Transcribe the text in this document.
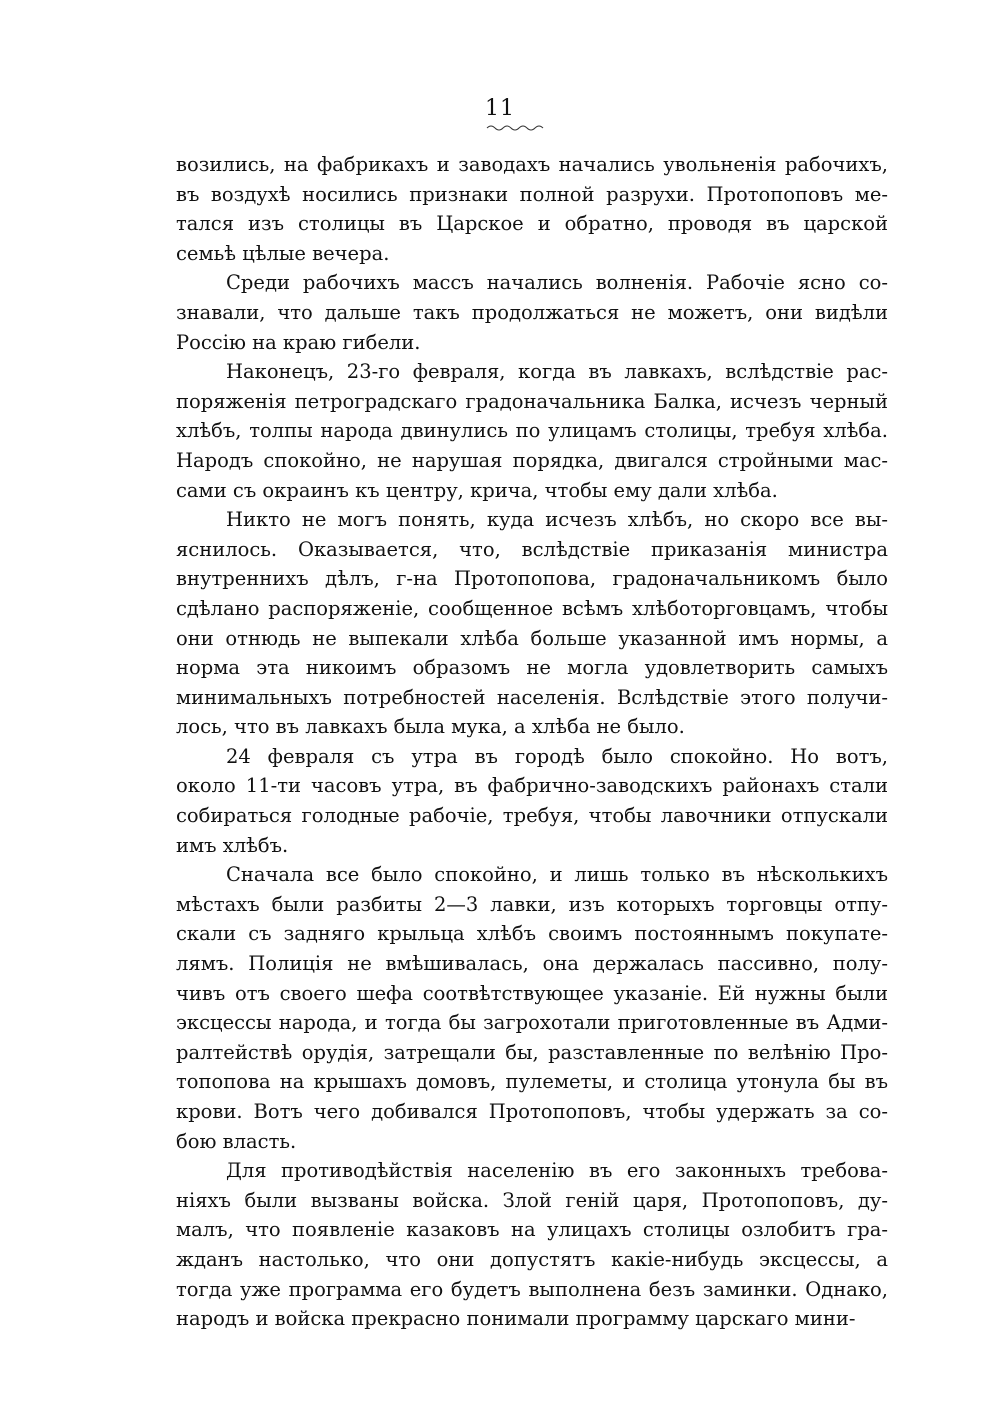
11
возились, на фабрикахъ и заводахъ начались увольненія рабочихъ,
въ воздухѣ носились признаки полной разрухи. Протопоповъ ме-
тался изъ столицы въ Царское и обратно, проводя въ царской
семьѣ цѣлые вечера.
Среди рабочихъ массъ начались волненія. Рабочіе ясно со-
знавали, что дальше такъ продолжаться не можетъ, они видѣли
Россію на краю гибели.
Наконецъ, 23-го февраля, когда въ лавкахъ, вслѣдствіе рас-
поряженія петроградскаго градоначальника Балка, исчезъ черный
хлѣбъ, толпы народа двинулись по улицамъ столицы, требуя хлѣба.
Народъ спокойно, не нарушая порядка, двигался стройными мас-
сами съ окраинъ къ центру, крича, чтобы ему дали хлѣба.
Никто не могъ понять, куда исчезъ хлѣбъ, но скоро все вы-
яснилось. Оказывается, что, вслѣдствіе приказанія министра
внутреннихъ дѣлъ, г-на Протопопова, градоначальникомъ было
сдѣлано распоряженіе, сообщенное всѣмъ хлѣботорговцамъ, чтобы
они отнюдь не выпекали хлѣба больше указанной имъ нормы, а
норма эта никоимъ образомъ не могла удовлетворить самыхъ
минимальныхъ потребностей населенія. Вслѣдствіе этого получи-
лось, что въ лавкахъ была мука, а хлѣба не было.
24 февраля съ утра въ городѣ было спокойно. Но вотъ,
около 11-ти часовъ утра, въ фабрично-заводскихъ районахъ стали
собираться голодные рабочіе, требуя, чтобы лавочники отпускали
имъ хлѣбъ.
Сначала все было спокойно, и лишь только въ нѣсколькихъ
мѣстахъ были разбиты 2—3 лавки, изъ которыхъ торговцы отпу-
скали съ задняго крыльца хлѣбъ своимъ постояннымъ покупате-
лямъ. Полиція не вмѣшивалась, она держалась пассивно, полу-
чивъ отъ своего шефа соотвѣтствующее указаніе. Ей нужны были
эксцессы народа, и тогда бы загрохотали приготовленные въ Адми-
ралтействѣ орудія, затрещали бы, разставленные по велѣнію Про-
топопова на крышахъ домовъ, пулеметы, и столица утонула бы въ
крови. Вотъ чего добивался Протопоповъ, чтобы удержать за со-
бою власть.
Для противодѣйствія населенію въ его законныхъ требова-
ніяхъ были вызваны войска. Злой геній царя, Протопоповъ, ду-
малъ, что появленіе казаковъ на улицахъ столицы озлобитъ гра-
жданъ настолько, что они допустятъ какіе-нибудь эксцессы, а
тогда уже программа его будетъ выполнена безъ заминки. Однако,
народъ и войска прекрасно понимали программу царскаго мини-
